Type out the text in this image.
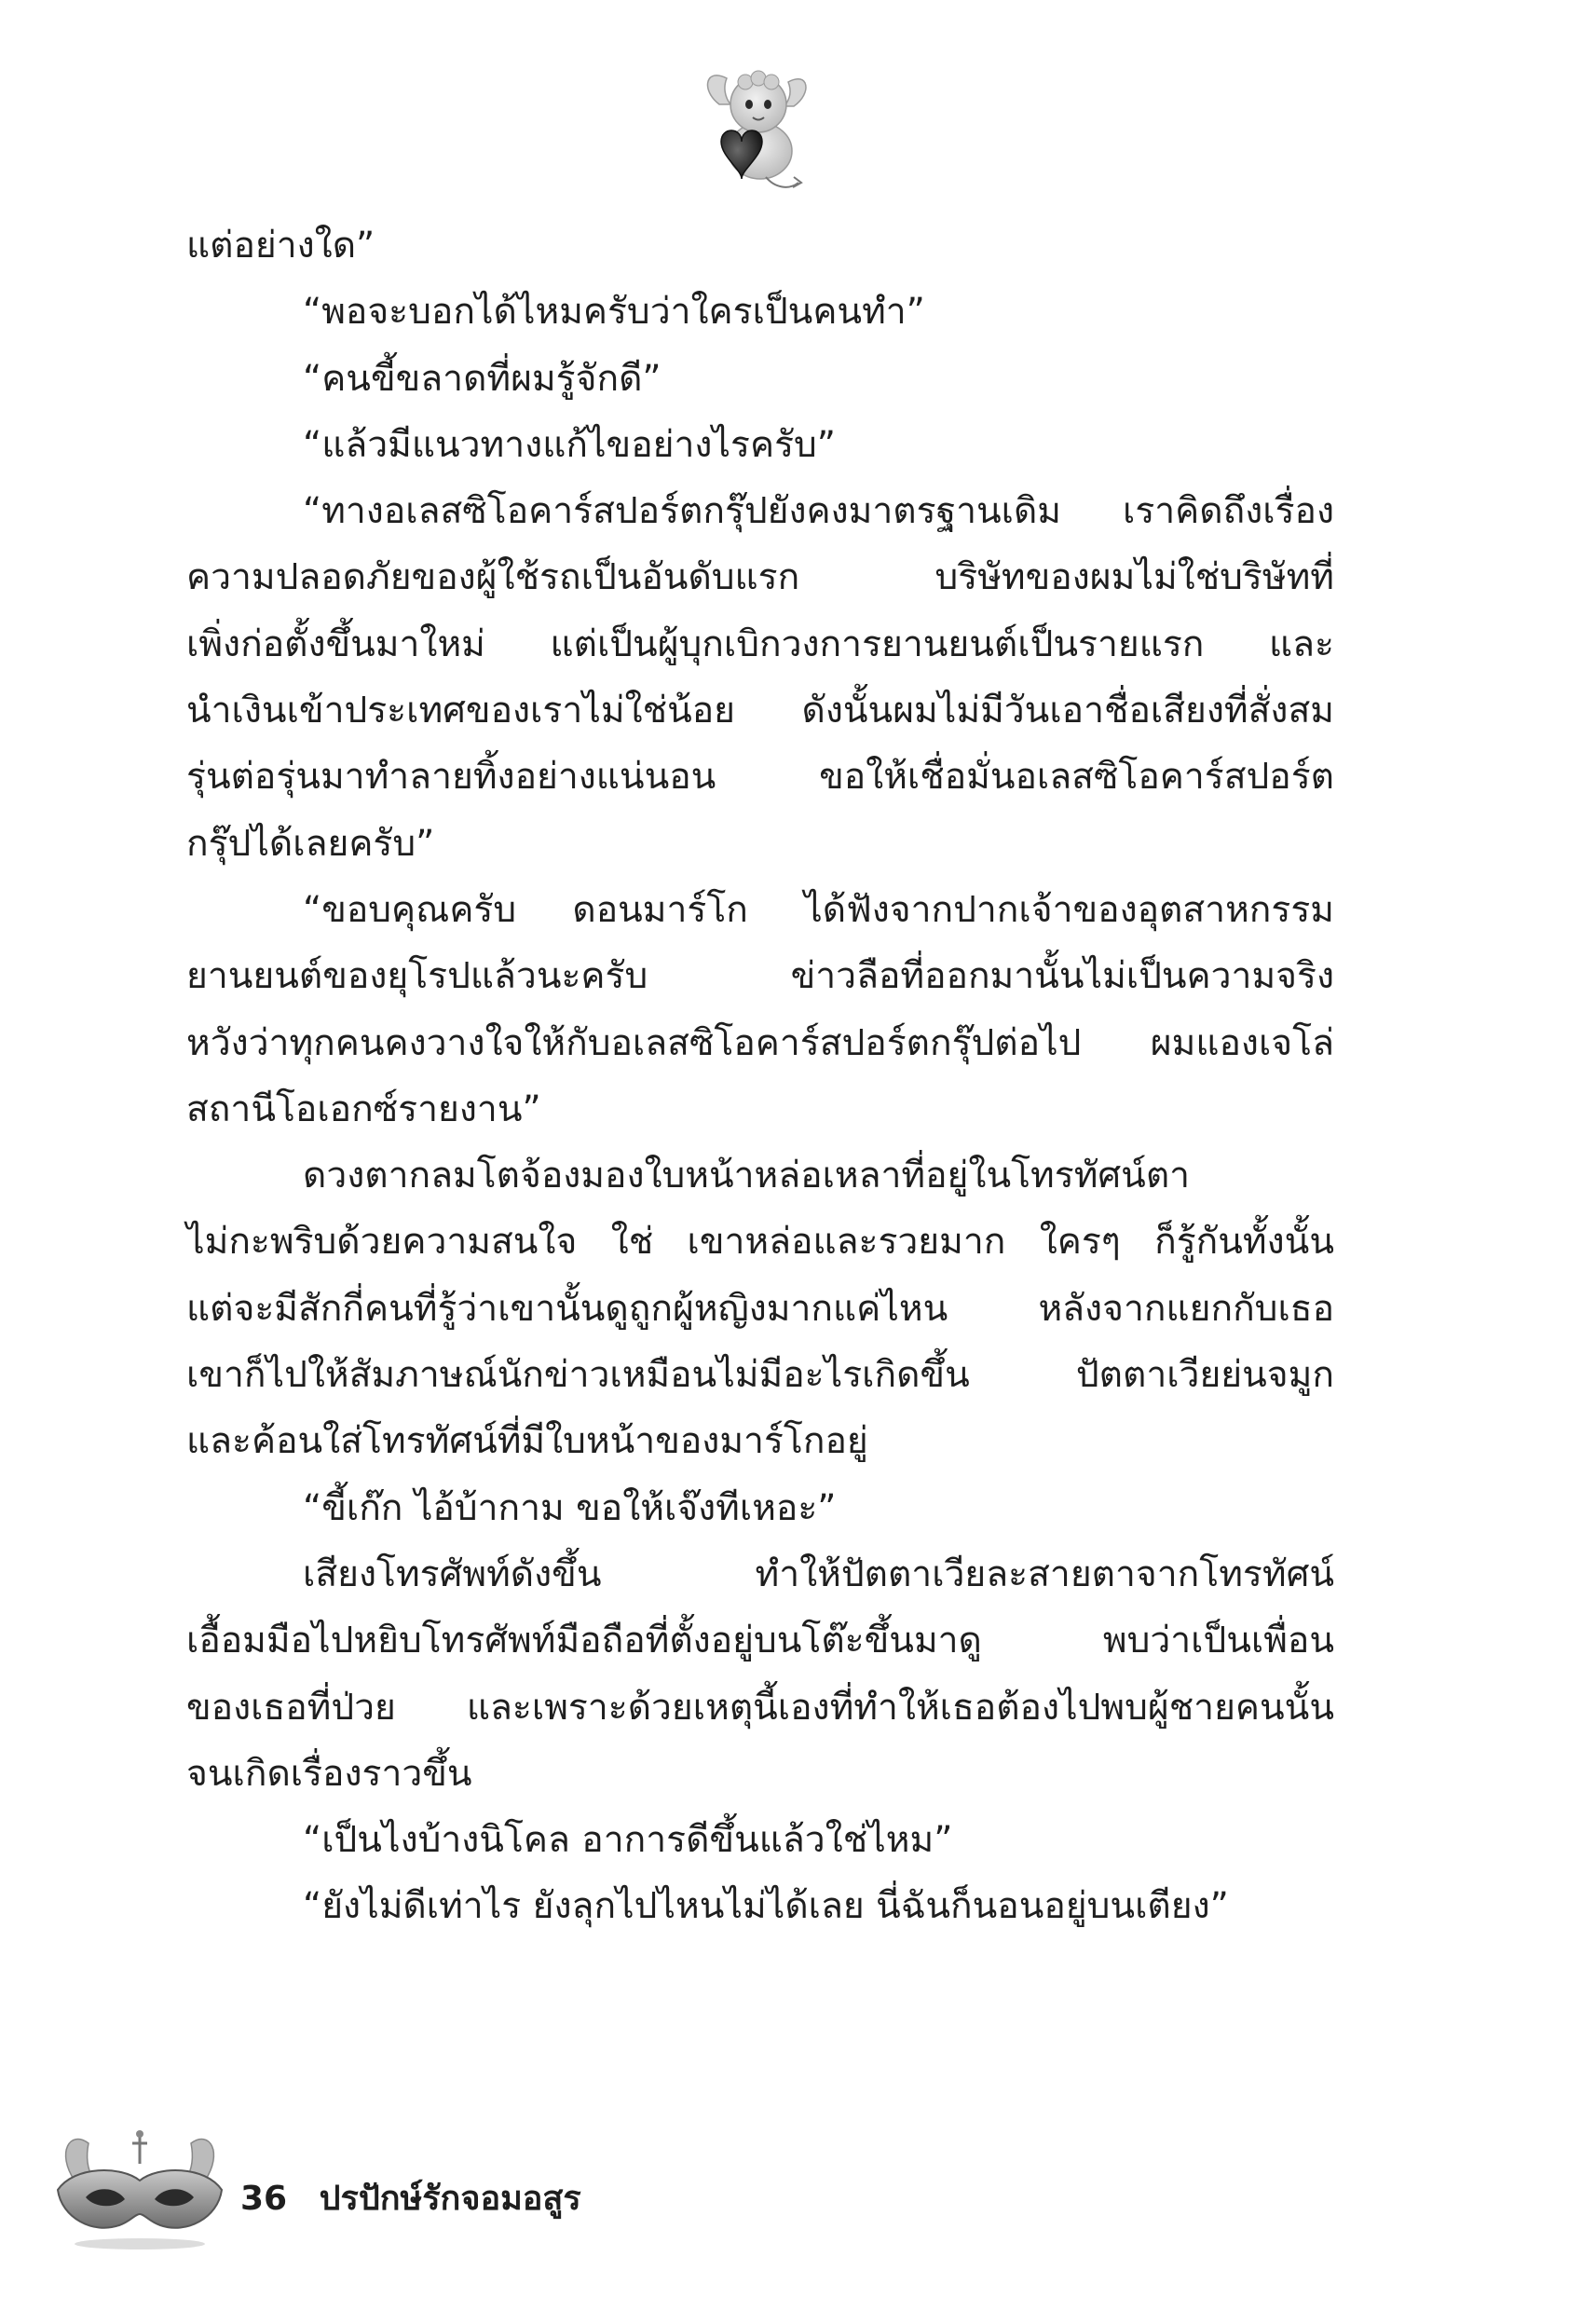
แต่อย่างใด”
“พอจะบอกได้ไหมครับว่าใครเป็นคนทำ”
“คนขี้ขลาดที่ผมรู้จักดี”
“แล้วมีแนวทางแก้ไขอย่างไรครับ”
“ทางอเลสซิโอคาร์สปอร์ตกรุ๊ปยังคงมาตรฐานเดิม เราคิดถึงเรื่อง
ความปลอดภัยของผู้ใช้รถเป็นอันดับแรก บริษัทของผมไม่ใช่บริษัทที่
เพิ่งก่อตั้งขึ้นมาใหม่ แต่เป็นผู้บุกเบิกวงการยานยนต์เป็นรายแรก และ
นำเงินเข้าประเทศของเราไม่ใช่น้อย ดังนั้นผมไม่มีวันเอาชื่อเสียงที่สั่งสม
รุ่นต่อรุ่นมาทำลายทิ้งอย่างแน่นอน ขอให้เชื่อมั่นอเลสซิโอคาร์สปอร์ต
กรุ๊ปได้เลยครับ”
“ขอบคุณครับ ดอนมาร์โก ได้ฟังจากปากเจ้าของอุตสาหกรรม
ยานยนต์ของยุโรปแล้วนะครับ ข่าวลือที่ออกมานั้นไม่เป็นความจริง
หวังว่าทุกคนคงวางใจให้กับอเลสซิโอคาร์สปอร์ตกรุ๊ปต่อไป ผมแองเจโล่
สถานีโอเอกซ์รายงาน”
ดวงตากลมโตจ้องมองใบหน้าหล่อเหลาที่อยู่ในโทรทัศน์ตา
ไม่กะพริบด้วยความสนใจ ใช่ เขาหล่อและรวยมาก ใครๆ ก็รู้กันทั้งนั้น
แต่จะมีสักกี่คนที่รู้ว่าเขานั้นดูถูกผู้หญิงมากแค่ไหน หลังจากแยกกับเธอ
เขาก็ไปให้สัมภาษณ์นักข่าวเหมือนไม่มีอะไรเกิดขึ้น ปัตตาเวียย่นจมูก
และค้อนใส่โทรทัศน์ที่มีใบหน้าของมาร์โกอยู่
“ขี้เก๊ก ไอ้บ้ากาม ขอให้เจ๊งทีเหอะ”
เสียงโทรศัพท์ดังขึ้น ทำให้ปัตตาเวียละสายตาจากโทรทัศน์
เอื้อมมือไปหยิบโทรศัพท์มือถือที่ตั้งอยู่บนโต๊ะขึ้นมาดู พบว่าเป็นเพื่อน
ของเธอที่ป่วย และเพราะด้วยเหตุนี้เองที่ทำให้เธอต้องไปพบผู้ชายคนนั้น
จนเกิดเรื่องราวขึ้น
“เป็นไงบ้างนิโคล อาการดีขึ้นแล้วใช่ไหม”
“ยังไม่ดีเท่าไร ยังลุกไปไหนไม่ได้เลย นี่ฉันก็นอนอยู่บนเตียง”
36 ปรปักษ์รักจอมอสูร
